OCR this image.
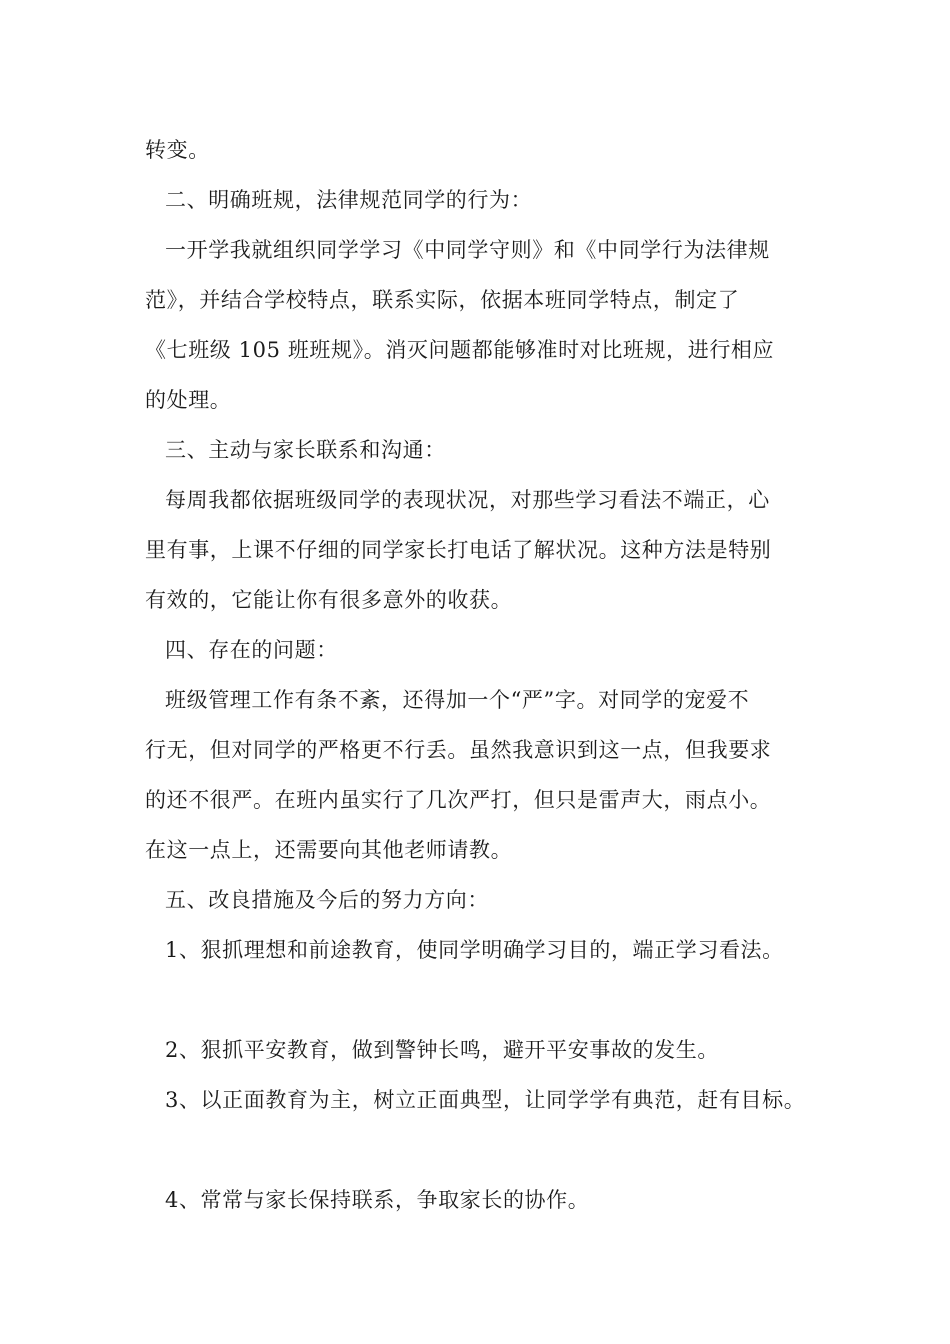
转变。
二、明确班规，法律规范同学的行为：
一开学我就组织同学学习《中同学守则》和《中同学行为法律规
范》，并结合学校特点，联系实际，依据本班同学特点，制定了
《七班级 105 班班规》。消灭问题都能够准时对比班规，进行相应
的处理。
三、主动与家长联系和沟通：
每周我都依据班级同学的表现状况，对那些学习看法不端正，心
里有事，上课不仔细的同学家长打电话了解状况。这种方法是特别
有效的，它能让你有很多意外的收获。
四、存在的问题：
班级管理工作有条不紊，还得加一个“严”字。对同学的宠爱不
行无，但对同学的严格更不行丢。虽然我意识到这一点，但我要求
的还不很严。在班内虽实行了几次严打，但只是雷声大，雨点小。
在这一点上，还需要向其他老师请教。
五、改良措施及今后的努力方向：
1、狠抓理想和前途教育，使同学明确学习目的，端正学习看法。
2、狠抓平安教育，做到警钟长鸣，避开平安事故的发生。
3、以正面教育为主，树立正面典型，让同学学有典范，赶有目标。
4、常常与家长保持联系，争取家长的协作。
